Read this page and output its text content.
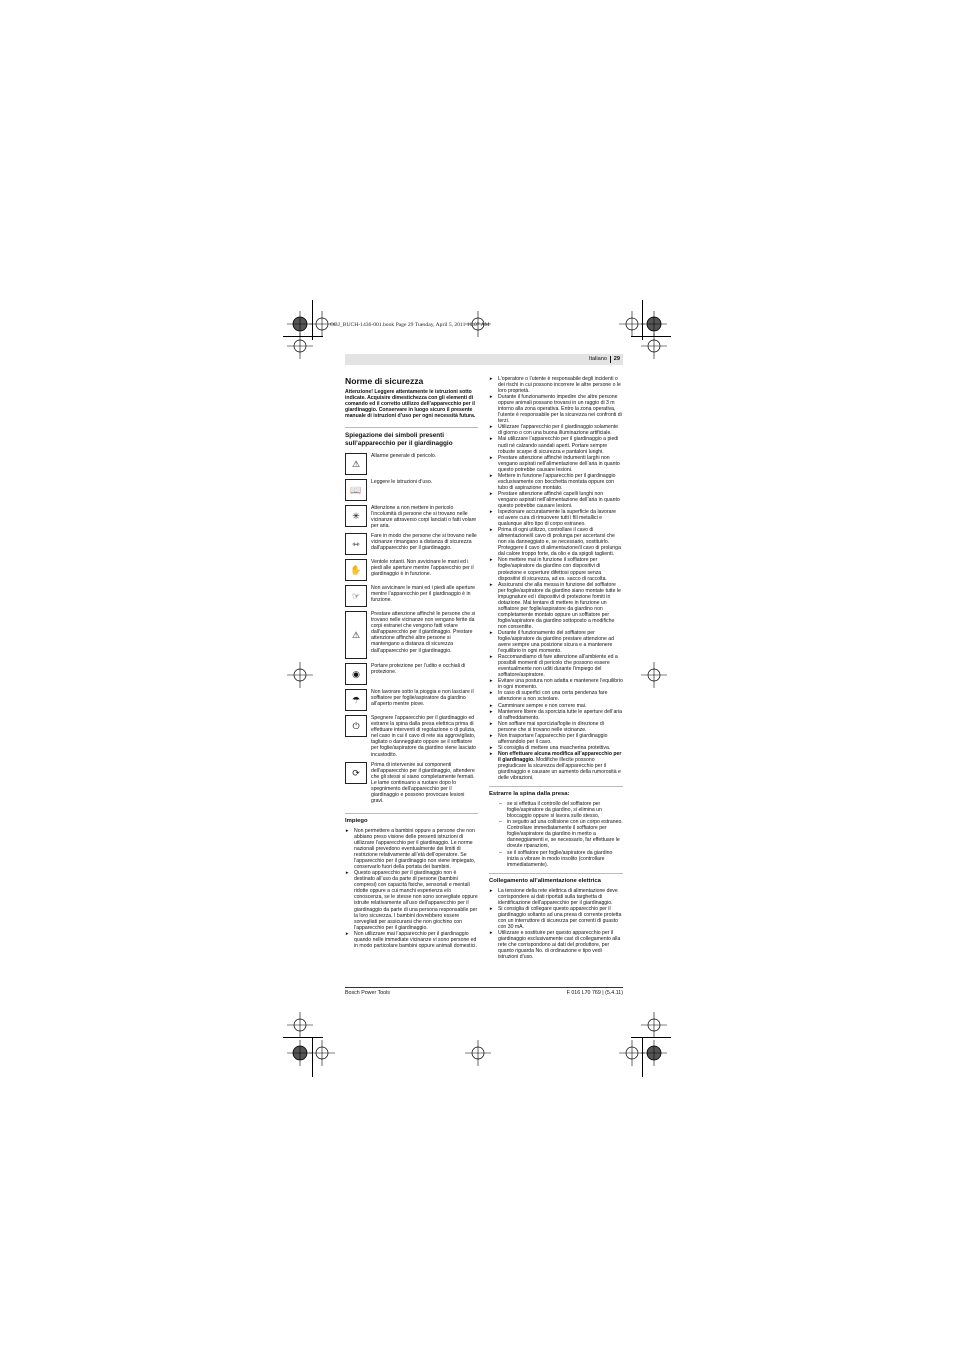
OBJ_BUCH-1436-001.book Page 29 Tuesday, April 5, 2011 10:07 AM
Italiano 29
Norme di sicurezza
Attenzione! Leggere attentamente le istruzioni sotto indicate. Acquisire dimestichezza con gli elementi di comando ed il corretto utilizzo dell’apparecchio per il giardinaggio. Conservare in luogo sicuro il presente manuale di istruzioni d’uso per ogni necessità futura.
Spiegazione dei simboli presenti sull’apparecchio per il giardinaggio
⚠
Allarme generale di pericolo.
📖
Leggere le istruzioni d’uso.
✳
Attenzione a non mettere in pericolo l’incolumità di persone che si trovano nelle vicinanze attraverso corpi lanciati o fatti volare per aria.
⇿
Fare in modo che persone che si trovano nelle vicinanze rimangano a distanza di sicurezza dall’apparecchio per il giardinaggio.
✋
Ventole rotanti. Non avvicinare le mani ed i piedi alle aperture mentre l’apparecchio per il giardinaggio è in funzione.
☞
Non avvicinare le mani ed i piedi alle aperture mentre l’apparecchio per il giardinaggio è in funzione.
⚠
Prestare attenzione affinché le persone che si trovano nelle vicinanze non vengano ferite da corpi estranei che vengono fatti volare dall’apparecchio per il giardinaggio. Prestare attenzione affinché altre persone si mantengano a distanza di sicurezza dall’apparecchio per il giardinaggio.
◉
Portare protezione per l’udito e occhiali di protezione.
☂
Non lavorare sotto la pioggia e non lasciare il soffiatore per foglie/aspiratore da giardino all’aperto mentre piove.
⏻
Spegnere l’apparecchio per il giardinaggio ed estrarre la spina dalla presa elettrica prima di effettuare interventi di regolazione o di pulizia, nel caso in cui il cavo di rete sia aggrovigliato, tagliato o danneggiato oppure se il soffiatore per foglie/aspiratore da giardino viene lasciato incustodito.
⟳
Prima di intervenire sui componenti dell’apparecchio per il giardinaggio, attendere che gli stessi si siano completamente fermati. Le lame continuano a ruotare dopo lo spegnimento dell’apparecchio per il giardinaggio e possono provocare lesioni gravi.
Impiego
► Non permettere a bambini oppure a persone che non abbiano preso visione delle presenti istruzioni di utilizzare l’apparecchio per il giardinaggio. Le norme nazionali prevedono eventualmente dei limiti di restrizione relativamente all’età dell’operatore. Se l’apparecchio per il giardinaggio non viene impiegato, conservarlo fuori della portata dei bambini.
► Questo apparecchio per il giardinaggio non è destinato all’uso da parte di persone (bambini compresi) con capacità fisiche, sensoriali e mentali ridotte oppure a cui manchi esperienza e/o conoscenza, se le stesse non sono sorvegliate oppure istruite relativamente all’uso dell’apparecchio per il giardinaggio da parte di una persona responsabile per la loro sicurezza. I bambini dovrebbero essere sorvegliati per assicurarsi che non giochino con l’apparecchio per il giardinaggio.
► Non utilizzare mai l’apparecchio per il giardinaggio quando nelle immediate vicinanze vi sono persone ed in modo particolare bambini oppure animali domestici.
► L’operatore o l’utente è responsabile degli incidenti o dei rischi in cui possono incorrere le altre persone o le loro proprietà.
► Durante il funzionamento impedire che altre persone oppure animali possano trovarsi in un raggio di 3 m intorno alla zona operativa. Entro la zona operativa, l’utente è responsabile per la sicurezza nei confronti di terzi.
► Utilizzare l’apparecchio per il giardinaggio solamente di giorno o con una buona illuminazione artificiale.
► Mai utilizzare l’apparecchio per il giardinaggio a piedi nudi né calzando sandali aperti. Portare sempre robuste scarpe di sicurezza e pantaloni lunghi.
► Prestare attenzione affinché indumenti larghi non vengano aspirati nell’alimentazione dell’aria in quanto questo potrebbe causare lesioni.
► Mettere in funzione l’apparecchio per il giardinaggio esclusivamente con bocchetta montata oppure con tubo di aspirazione montato.
► Prestare attenzione affinché capelli lunghi non vengano aspirati nell’alimentazione dell’aria in quanto questo potrebbe causare lesioni.
► Ispezionare accuratamente la superficie da lavorare ed avere cura di rimuovere tutti i fili metallici e qualunque altro tipo di corpo estraneo.
► Prima di ogni utilizzo, controllare il cavo di alimentazione/il cavo di prolunga per accertarsi che non sia danneggiato e, se necessario, sostituirlo. Proteggere il cavo di alimentazione/il cavo di prolunga dal calore troppo forte, da olio e da spigoli taglienti.
► Non mettere mai in funzione il soffiatore per foglie/aspiratore da giardino con dispositivi di protezione e coperture difettosi oppure senza dispositivi di sicurezza, ad es. sacco di raccolta.
► Assicurarsi che alla messa in funzione del soffiatore per foglie/aspiratore da giardino siano montate tutte le impugnature ed i dispositivi di protezione forniti in dotazione. Mai tentare di mettere in funzione un soffiatore per foglie/aspiratore da giardino non completamente montato oppure un soffiatore per foglie/aspiratore da giardino sottoposto a modifiche non consentite.
► Durante il funzionamento del soffiatore per foglie/aspiratore da giardino prestare attenzione ad avere sempre una posizione sicura e a mantenere l’equilibrio in ogni momento.
► Raccomandiamo di fare attenzione all’ambiente ed a possibili momenti di pericolo che possono essere eventualmente non uditi durante l’impiego del soffiatore/aspiratore.
► Evitare una postura non adatta e mantenere l’equilibrio in ogni momento.
► In caso di superfici con una certa pendenza fare attenzione a non scivolare.
► Camminare sempre e non correre mai.
► Mantenere libere da sporcizia tutte le aperture dell’aria di raffreddamento.
► Non soffiare mai sporcizia/foglie in direzione di persone che si trovano nelle vicinanze.
► Non trasportare l’apparecchio per il giardinaggio afferrandolo per il cavo.
► Si consiglia di mettere una mascherina protettiva.
► Non effettuare alcuna modifica all’apparecchio per il giardinaggio. Modifiche illecite possono pregiudicare la sicurezza dell’apparecchio per il giardinaggio e causare un aumento della rumorosità e delle vibrazioni.
Estrarre la spina dalla presa:
– se si effettua il controllo del soffiatore per foglie/aspiratore da giardino, si elimina un bloccaggio oppure si lavora sullo stesso,
– in seguito ad una collisione con un corpo estraneo. Controllare immediatamente il soffiatore per foglie/aspiratore da giardino in merito a danneggiamenti e, se necessario, far effettuare le dovute riparazioni,
– se il soffiatore per foglie/aspiratore da giardino inizia a vibrare in modo insolito (controllare immediatamente).
Collegamento all’alimentazione elettrica
► La tensione della rete elettrica di alimentazione deve corrispondere ai dati riportati sulla targhetta di identificazione dell’apparecchio per il giardinaggio.
► Si consiglia di collegare questo apparecchio per il giardinaggio soltanto ad una presa di corrente protetta con un interruttore di sicurezza per correnti di guasto con 30 mA.
► Utilizzare e sostituire per questo apparecchio per il giardinaggio esclusivamente cavi di collegamento alla rete che corrispondono ai dati del produttore, per quanto riguarda No. di ordinazione e tipo vedi istruzioni d’uso.
Bosch Power Tools	F 016 L70 769 | (5.4.11)
